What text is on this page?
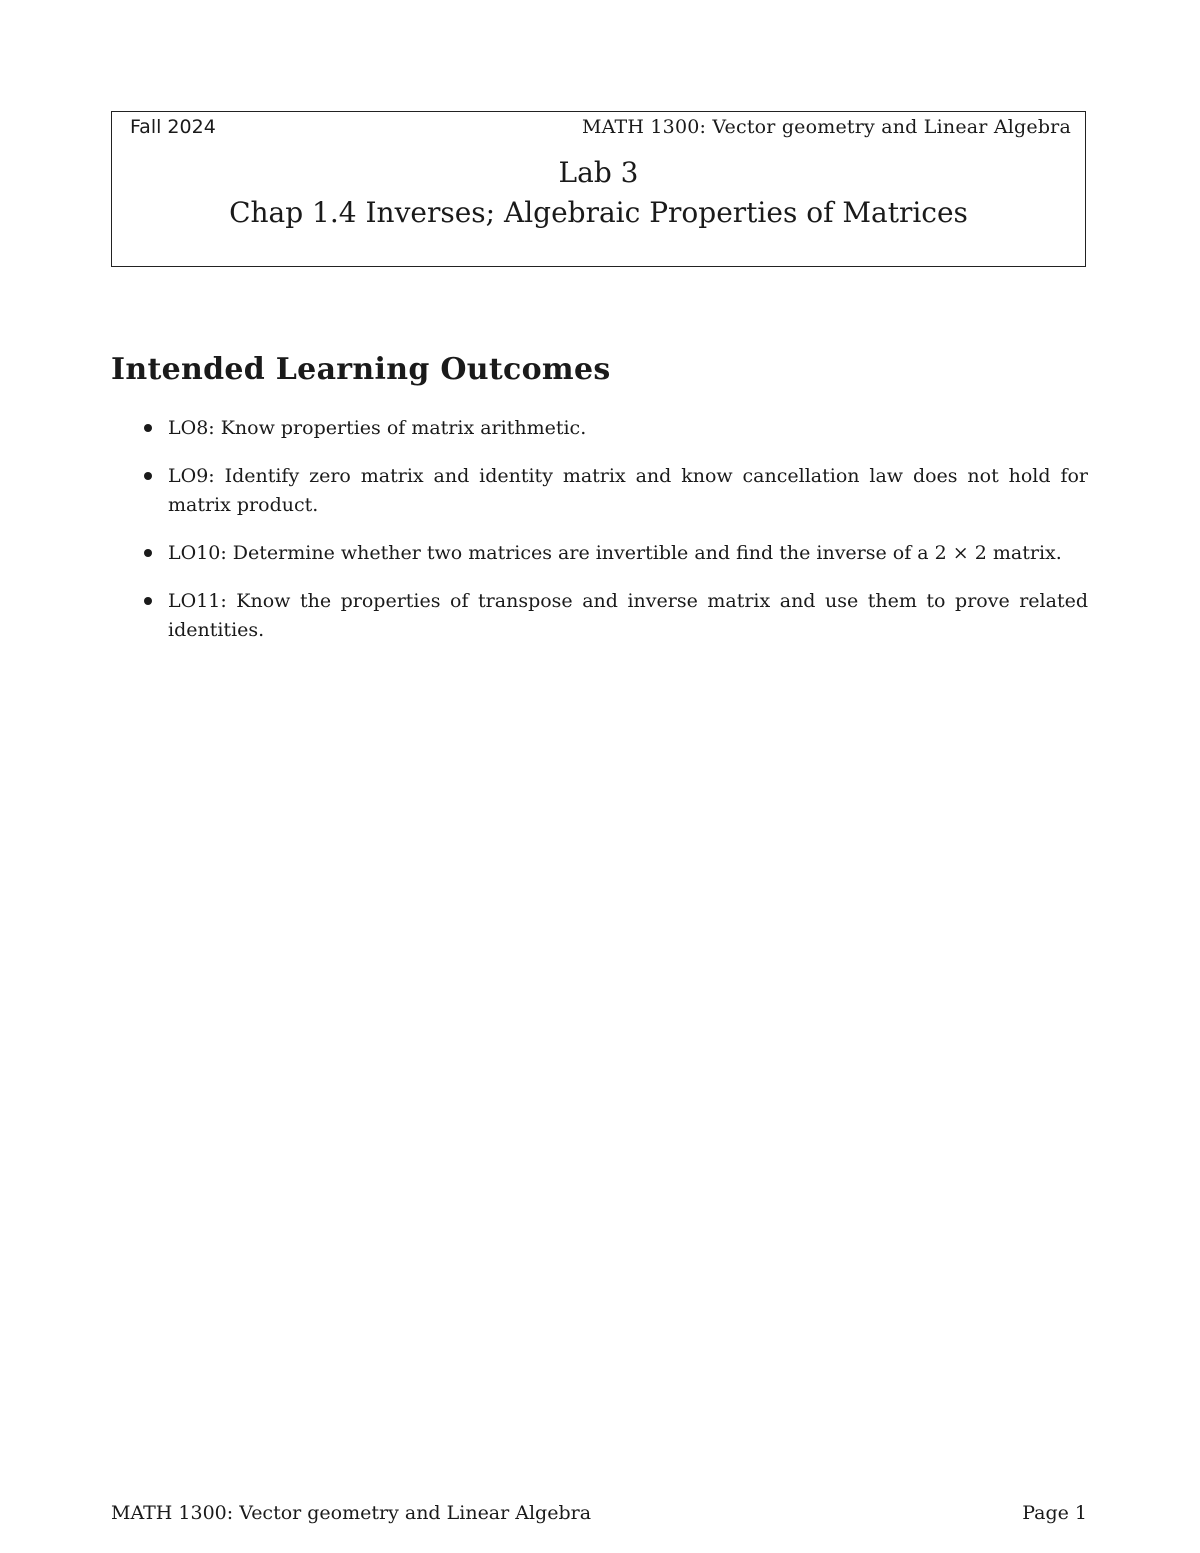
Fall 2024	MATH 1300: Vector geometry and Linear Algebra
Lab 3
Chap 1.4 Inverses; Algebraic Properties of Matrices
Intended Learning Outcomes
LO8: Know properties of matrix arithmetic.
LO9: Identify zero matrix and identity matrix and know cancellation law does not hold for matrix product.
LO10: Determine whether two matrices are invertible and find the inverse of a 2 × 2 matrix.
LO11: Know the properties of transpose and inverse matrix and use them to prove related identities.
MATH 1300: Vector geometry and Linear Algebra	Page 1
